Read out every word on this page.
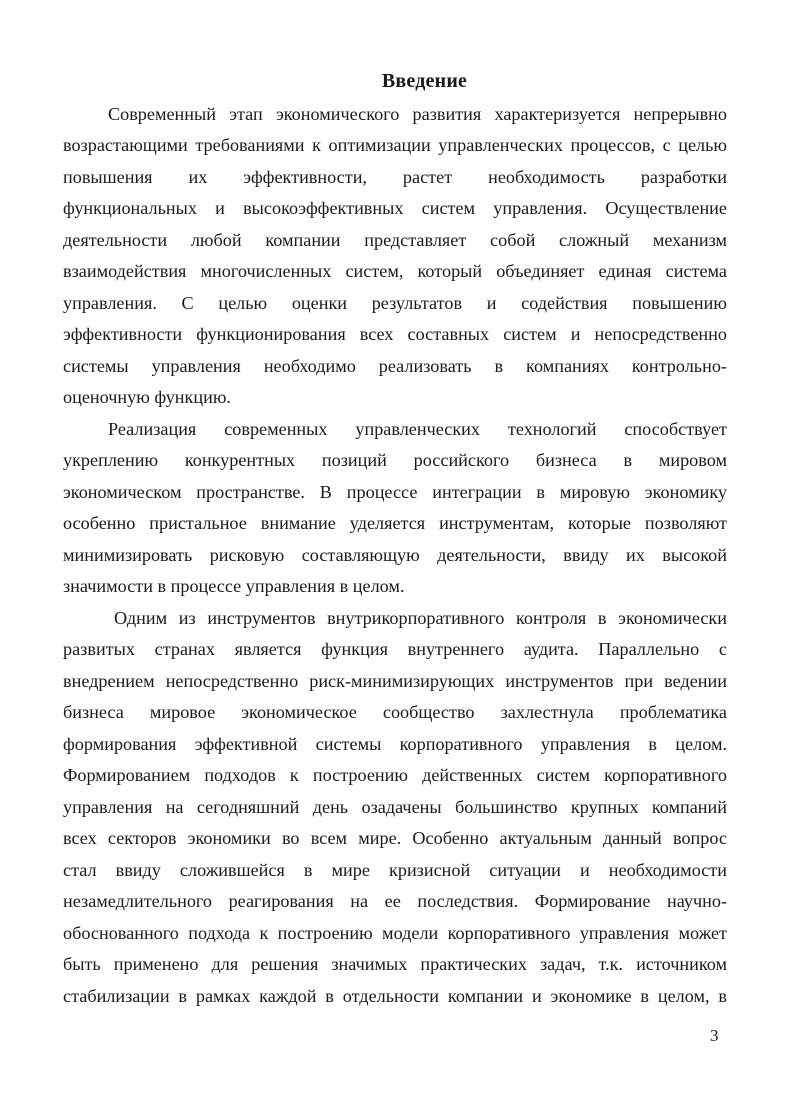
Введение
Современный этап экономического развития характеризуется непрерывно
возрастающими требованиями к оптимизации управленческих процессов, с целью
повышения их эффективности, растет необходимость разработки
функциональных и высокоэффективных систем управления. Осуществление
деятельности любой компании представляет собой сложный механизм
взаимодействия многочисленных систем, который объединяет единая система
управления. С целью оценки результатов и содействия повышению
эффективности функционирования всех составных систем и непосредственно
системы управления необходимо реализовать в компаниях контрольно-
оценочную функцию.
Реализация современных управленческих технологий способствует
укреплению конкурентных позиций российского бизнеса в мировом
экономическом пространстве. В процессе интеграции в мировую экономику
особенно пристальное внимание уделяется инструментам, которые позволяют
минимизировать рисковую составляющую деятельности, ввиду их высокой
значимости в процессе управления в целом.
Одним из инструментов внутрикорпоративного контроля в экономически
развитых странах является функция внутреннего аудита. Параллельно с
внедрением непосредственно риск-минимизирующих инструментов при ведении
бизнеса мировое экономическое сообщество захлестнула проблематика
формирования эффективной системы корпоративного управления в целом.
Формированием подходов к построению действенных систем корпоративного
управления на сегодняшний день озадачены большинство крупных компаний
всех секторов экономики во всем мире. Особенно актуальным данный вопрос
стал ввиду сложившейся в мире кризисной ситуации и необходимости
незамедлительного реагирования на ее последствия. Формирование научно-
обоснованного подхода к построению модели корпоративного управления может
быть применено для решения значимых практических задач, т.к. источником
стабилизации в рамках каждой в отдельности компании и экономике в целом, в
3
